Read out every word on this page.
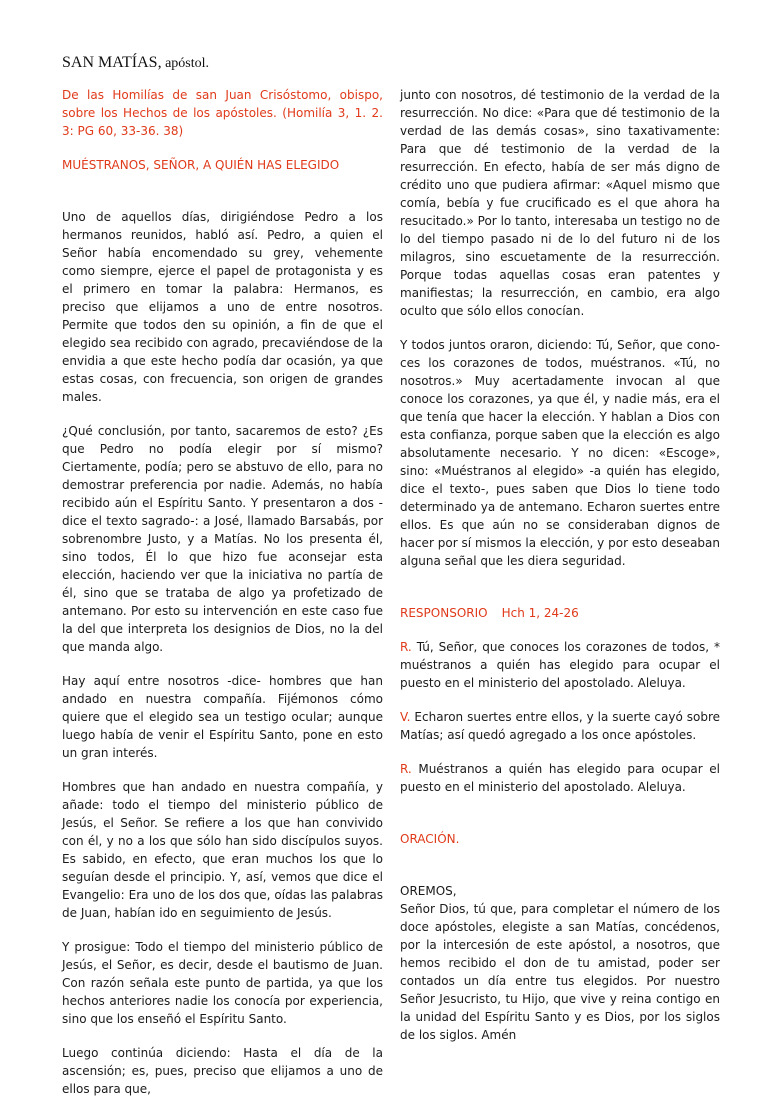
SAN MATÍAS, apóstol.

De las Homilías de san Juan Crisóstomo, obispo, sobre los Hechos de los apóstoles. (Homilía 3, 1. 2. 3: PG 60, 33-36. 38)

MUÉSTRANOS, SEÑOR, A QUIÉN HAS ELEGIDO

Uno de aquellos días, dirigiéndose Pedro a los hermanos reunidos, habló así. Pedro, a quien el Señor había encomendado su grey, vehemente como siempre, ejerce el papel de protagonista y es el primero en tomar la palabra: Hermanos, es preciso que elijamos a uno de entre nosotros. Permite que todos den su opinión, a fin de que el elegido sea recibido con agrado, precaviéndose de la envidia a que este hecho podía dar ocasión, ya que estas cosas, con frecuencia, son origen de grandes males.

¿Qué conclusión, por tanto, sacaremos de esto? ¿Es que Pedro no podía elegir por sí mismo? Ciertamente, podía; pero se abstuvo de ello, para no demostrar preferencia por nadie. Además, no había recibido aún el Espíritu Santo. Y presentaron a dos -dice el texto sagrado-: a José, llamado Barsabás, por sobrenombre Justo, y a Matías. No los presenta él, sino todos, Él lo que hizo fue aconsejar esta elección, haciendo ver que la iniciativa no partía de él, sino que se trataba de algo ya profetizado de antemano. Por esto su intervención en este caso fue la del que interpreta los designios de Dios, no la del que manda algo.

Hay aquí entre nosotros -dice- hombres que han andado en nuestra compañía. Fijémonos cómo quiere que el elegido sea un testigo ocular; aunque luego había de venir el Espíritu Santo, pone en esto un gran interés.

Hombres que han andado en nuestra compañía, y añade: todo el tiempo del ministerio público de Jesús, el Señor. Se refiere a los que han convivido con él, y no a los que sólo han sido discípulos suyos. Es sabido, en efecto, que eran muchos los que lo seguían desde el principio. Y, así, vemos que dice el Evangelio: Era uno de los dos que, oídas las palabras de Juan, habían ido en seguimiento de Jesús.

Y prosigue: Todo el tiempo del ministerio público de Jesús, el Señor, es decir, desde el bautismo de Juan. Con razón señala este punto de partida, ya que los hechos anteriores nadie los conocía por experiencia, sino que los enseñó el Espíritu Santo.

Luego continúa diciendo: Hasta el día de la ascensión; es, pues, preciso que elijamos a uno de ellos para que,

junto con nosotros, dé testimonio de la verdad de la resurrección. No dice: «Para que dé testimonio de la verdad de las demás cosas», sino taxativamente: Para que dé testimonio de la verdad de la resurrección. En efecto, había de ser más digno de crédito uno que pudiera afirmar: «Aquel mismo que comía, bebía y fue crucificado es el que ahora ha resucitado.» Por lo tanto, interesaba un testigo no de lo del tiempo pasado ni de lo del futuro ni de los milagros, sino escuetamente de la resurrección. Porque todas aquellas cosas eran patentes y manifiestas; la resurrección, en cambio, era algo oculto que sólo ellos conocían.

Y todos juntos oraron, diciendo: Tú, Señor, que conoces los corazones de todos, muéstranos. «Tú, no nosotros.» Muy acertadamente invocan al que conoce los corazones, ya que él, y nadie más, era el que tenía que hacer la elección. Y hablan a Dios con esta confianza, porque saben que la elección es algo absolutamente necesario. Y no dicen: «Escoge», sino: «Muéstranos al elegido» -a quién has elegido, dice el texto-, pues saben que Dios lo tiene todo determinado ya de antemano. Echaron suertes entre ellos. Es que aún no se consideraban dignos de hacer por sí mismos la elección, y por esto deseaban alguna señal que les diera seguridad.

RESPONSORIO Hch 1, 24-26

R. Tú, Señor, que conoces los corazones de todos, * muéstranos a quién has elegido para ocupar el puesto en el ministerio del apostolado. Aleluya.

V. Echaron suertes entre ellos, y la suerte cayó sobre Matías; así quedó agregado a los once apóstoles.

R. Muéstranos a quién has elegido para ocupar el puesto en el ministerio del apostolado. Aleluya.

ORACIÓN.

OREMOS,
Señor Dios, tú que, para completar el número de los doce apóstoles, elegiste a san Matías, concédenos, por la intercesión de este apóstol, a nosotros, que hemos recibido el don de tu amistad, poder ser contados un día entre tus elegidos. Por nuestro Señor Jesucristo, tu Hijo, que vive y reina contigo en la unidad del Espíritu Santo y es Dios, por los siglos de los siglos. Amén
